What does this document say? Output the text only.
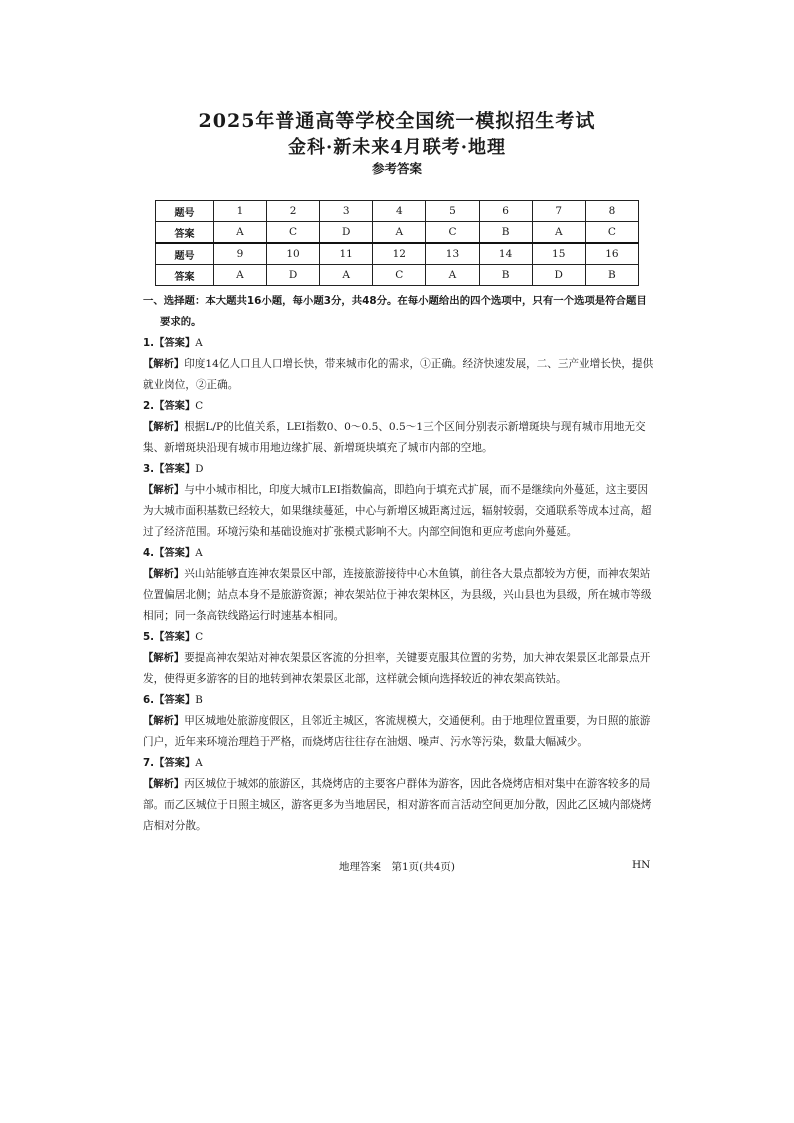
2025年普通高等学校全国统一模拟招生考试
金科·新未来4月联考·地理
参考答案
题号	1	2	3	4	5	6	7	8
答案	A	C	D	A	C	B	A	C
题号	9	10	11	12	13	14	15	16
答案	A	D	A	C	A	B	D	B

一、选择题：本大题共16小题，每小题3分，共48分。在每小题给出的四个选项中，只有一个选项是符合题目

要求的。

1.【答案】A

【解析】印度14亿人口且人口增长快，带来城市化的需求，①正确。经济快速发展，二、三产业增长快，提供就业岗位，②正确。

2.【答案】C

【解析】根据L/P的比值关系，LEI指数0、0～0.5、0.5～1三个区间分别表示新增斑块与现有城市用地无交集、新增斑块沿现有城市用地边缘扩展、新增斑块填充了城市内部的空地。

3.【答案】D

【解析】与中小城市相比，印度大城市LEI指数偏高，即趋向于填充式扩展，而不是继续向外蔓延，这主要因为大城市面积基数已经较大，如果继续蔓延，中心与新增区城距离过远，辐射较弱，交通联系等成本过高，超过了经济范围。环境污染和基础设施对扩张模式影响不大。内部空间饱和更应考虑向外蔓延。

4.【答案】A

【解析】兴山站能够直连神农架景区中部，连接旅游接待中心木鱼镇，前往各大景点都较为方便，而神农架站位置偏居北侧；站点本身不是旅游资源；神农架站位于神农架林区，为县级，兴山县也为县级，所在城市等级相同；同一条高铁线路运行时速基本相同。

5.【答案】C

【解析】要提高神农架站对神农架景区客流的分担率，关键要克服其位置的劣势，加大神农架景区北部景点开发，使得更多游客的目的地转到神农架景区北部，这样就会倾向选择较近的神农架高铁站。

6.【答案】B

【解析】甲区城地处旅游度假区，且邻近主城区，客流规模大，交通便利。由于地理位置重要，为日照的旅游门户，近年来环境治理趋于严格，而烧烤店往往存在油烟、噪声、污水等污染，数量大幅减少。

7.【答案】A

【解析】丙区城位于城郊的旅游区，其烧烤店的主要客户群体为游客，因此各烧烤店相对集中在游客较多的局部。而乙区城位于日照主城区，游客更多为当地居民，相对游客而言活动空间更加分散，因此乙区城内部烧烤店相对分散。

地理答案　第1页(共4页)	HN
